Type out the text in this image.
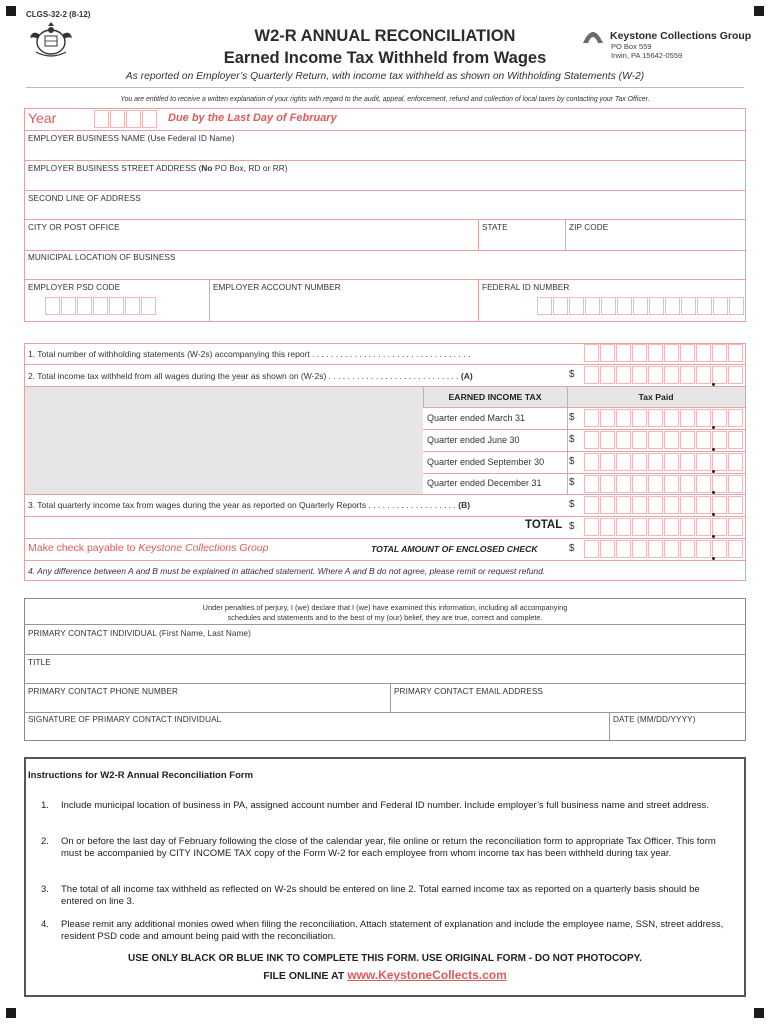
CLGS-32-2 (8-12)
W2-R ANNUAL RECONCILIATION
Earned Income Tax Withheld from Wages
Keystone Collections Group
PO Box 559
Irwin, PA 15642-0559
As reported on Employer’s Quarterly Return, with income tax withheld as shown on Withholding Statements (W-2)
You are entitled to receive a written explanation of your rights with regard to the audit, appeal, enforcement, refund and collection of local taxes by contacting your Tax Officer.
Year	Due by the Last Day of February
EMPLOYER BUSINESS NAME (Use Federal ID Name)
EMPLOYER BUSINESS STREET ADDRESS (No PO Box, RD or RR)
SECOND LINE OF ADDRESS
CITY OR POST OFFICE	STATE	ZIP CODE
MUNICIPAL LOCATION OF BUSINESS
EMPLOYER PSD CODE	EMPLOYER ACCOUNT NUMBER	FEDERAL ID NUMBER
1. Total number of withholding statements (W-2s) accompanying this report . . . . . . . . . . . . . . . . . . . . . . . . . . . . . . . . . .
2. Total income tax withheld from all wages during the year as shown on (W-2s) . . . . . . . . . . . . . . . . . . . . . . . . . . . . (A)	$
EARNED INCOME TAX	Tax Paid
Quarter ended March 31	$
Quarter ended June 30	$
Quarter ended September 30 $
Quarter ended December 31	$
3. Total quarterly income tax from wages during the year as reported on Quarterly Reports . . . . . . . . . . . . . . . . . . . (B)	$
TOTAL $
Make check payable to Keystone Collections Group	TOTAL AMOUNT OF ENCLOSED CHECK	$
4. Any difference between A and B must be explained in attached statement. Where A and B do not agree, please remit or request refund.
Under penalties of perjury, I (we) declare that I (we) have examined this information, including all accompanying
schedules and statements and to the best of my (our) belief, they are true, correct and complete.
PRIMARY CONTACT INDIVIDUAL (First Name, Last Name)
TITLE
PRIMARY CONTACT PHONE NUMBER	PRIMARY CONTACT EMAIL ADDRESS
SIGNATURE OF PRIMARY CONTACT INDIVIDUAL	DATE (MM/DD/YYYY)
Instructions for W2-R Annual Reconciliation Form
1. Include municipal location of business in PA, assigned account number and Federal ID number. Include employer’s full business name and street address.
2. On or before the last day of February following the close of the calendar year, file online or return the reconciliation form to appropriate Tax Officer. This form must be accompanied by CITY INCOME TAX copy of the Form W-2 for each employee from whom income tax has been withheld during tax year.
3. The total of all income tax withheld as reflected on W-2s should be entered on line 2. Total earned income tax as reported on a quarterly basis should be entered on line 3.
4. Please remit any additional monies owed when filing the reconciliation. Attach statement of explanation and include the employee name, SSN, street address, resident PSD code and amount being paid with the reconciliation.
USE ONLY BLACK OR BLUE INK TO COMPLETE THIS FORM. USE ORIGINAL FORM - DO NOT PHOTOCOPY.
FILE ONLINE AT www.KeystoneCollects.com
